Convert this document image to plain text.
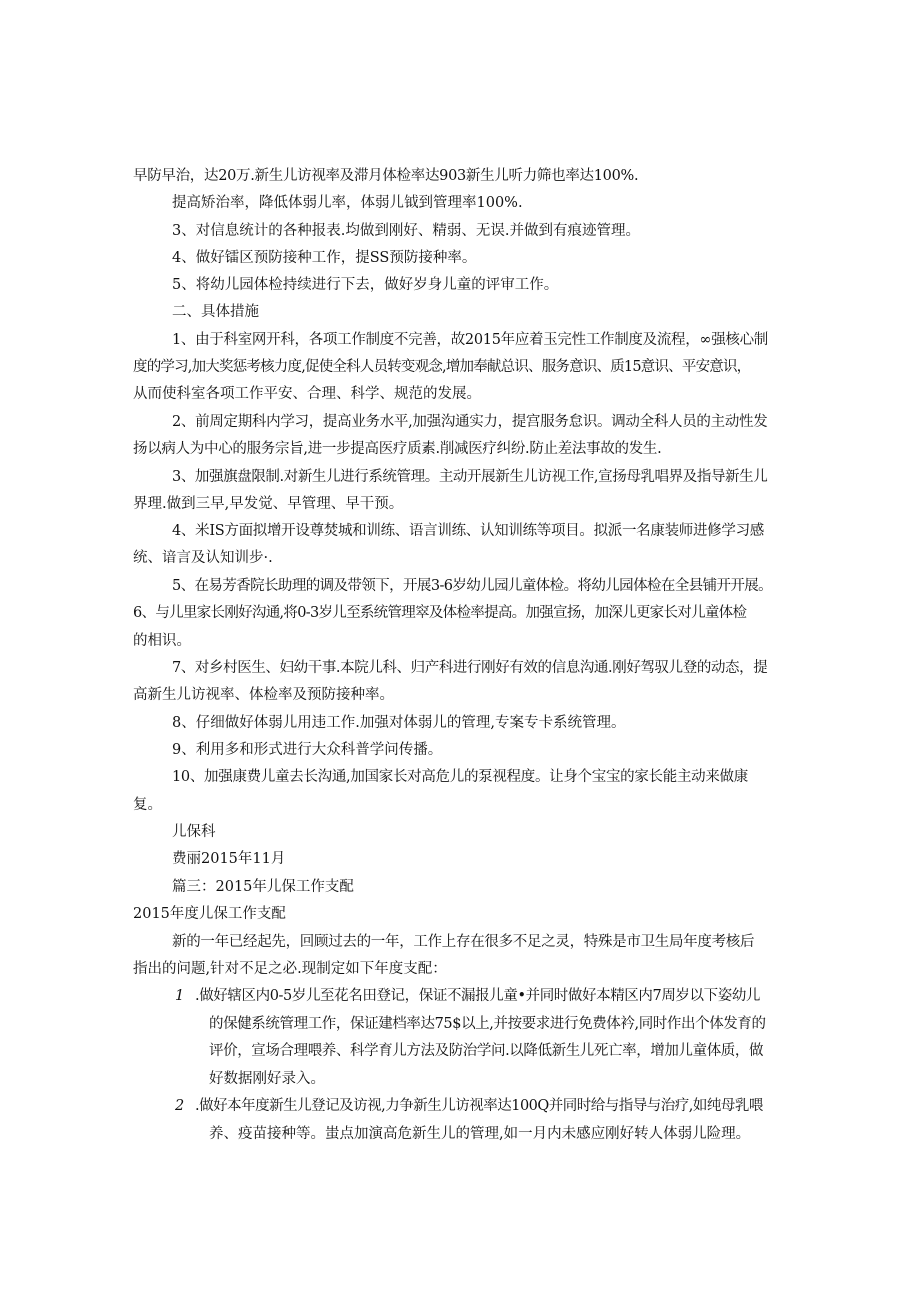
早防早治，达20万.新生儿访视率及滞月体检率达903新生儿听力筛也率达100%.
提高矫治率，降低体弱儿率，体弱儿钺到管理率100%.
3、对信息统计的各种报表.均做到刚好、精弱、无误.并做到有痕迹管理。
4、做好镭区预防接种工作，提SS预防接种率。
5、将幼儿园体检持续进行下去，做好岁身儿童的评审工作。
二、具体措施
1、由于科室网开科，各项工作制度不完善，故2015年应着玉完性工作制度及流程，∞强核心制
度的学习,加大奖惩考核力度,促使全科人员转变观念,增加奉献总识、服务意识、质15意识、平安意识，
从而使科室各项工作平安、合理、科学、规范的发展。
2、前周定期科内学习，提高业务水平,加强沟通实力，提宫服务怠识。调动全科人员的主动性发
扬以病人为中心的服务宗旨,进一步提高医疗质素.削减医疗纠纷.防止差法事故的发生.
3、加强旗盘限制.对新生儿进行系统管理。主动开展新生儿访视工作,宣扬母乳唱界及指导新生儿
界理.做到三早,早发觉、早管理、早干预。
4、米IS方面拟增开设尊焚城和训练、语言训练、认知训练等项目。拟派一名康装师进修学习感
统、谙言及认知训步·.
5、在易芳香院长助理的调及带领下，开展3-6岁幼儿园儿童体检。将幼儿园体检在全县铺开开展。
6、与儿里家长刚好沟通,将0-3岁儿至系统管理窣及体检率提高。加强宣扬，加深儿更家长对儿童体检
的相识。
7、对乡村医生、妇幼干事.本院儿科、归产科进行刚好有效的信息沟通.刚好驾驭儿登的动态，提
高新生儿访视率、体检率及预防接种率。
8、仔细做好体弱儿用违工作.加强对体弱儿的管理,专案专卡系统管理。
9、利用多和形式进行大众科普学问传播。
10、加强康费儿童去长沟通,加国家长对高危儿的泵视程度。让身个宝宝的家长能主动来做康
复。
儿保科
费丽2015年11月
篇三：2015年儿保工作支配
2015年度儿保工作支配
新的一年已经起先，回顾过去的一年，工作上存在很多不足之灵，特殊是市卫生局年度考核后
指出的问题,针对不足之必.现制定如下年度支配：
1 .做好辖区内0-5岁儿至花名田登记，保证不漏报儿童•并同时做好本精区内7周岁以下姿幼儿
的保健系统管理工作，保证建档率达75$以上,并按要求进行免费体衿,同时作出个体发育的
评价，宣场合理喂养、科学育儿方法及防治学问.以降低新生儿死亡率，增加儿童体质，做
好数据刚好录入。
2 .做好本年度新生儿登记及访视,力争新生儿访视率达100Q并同时给与指导与治疗,如纯母乳喂
养、疫苗接种等。蚩点加演高危新生儿的管理,如一月内未感应刚好转人体弱儿险理。
